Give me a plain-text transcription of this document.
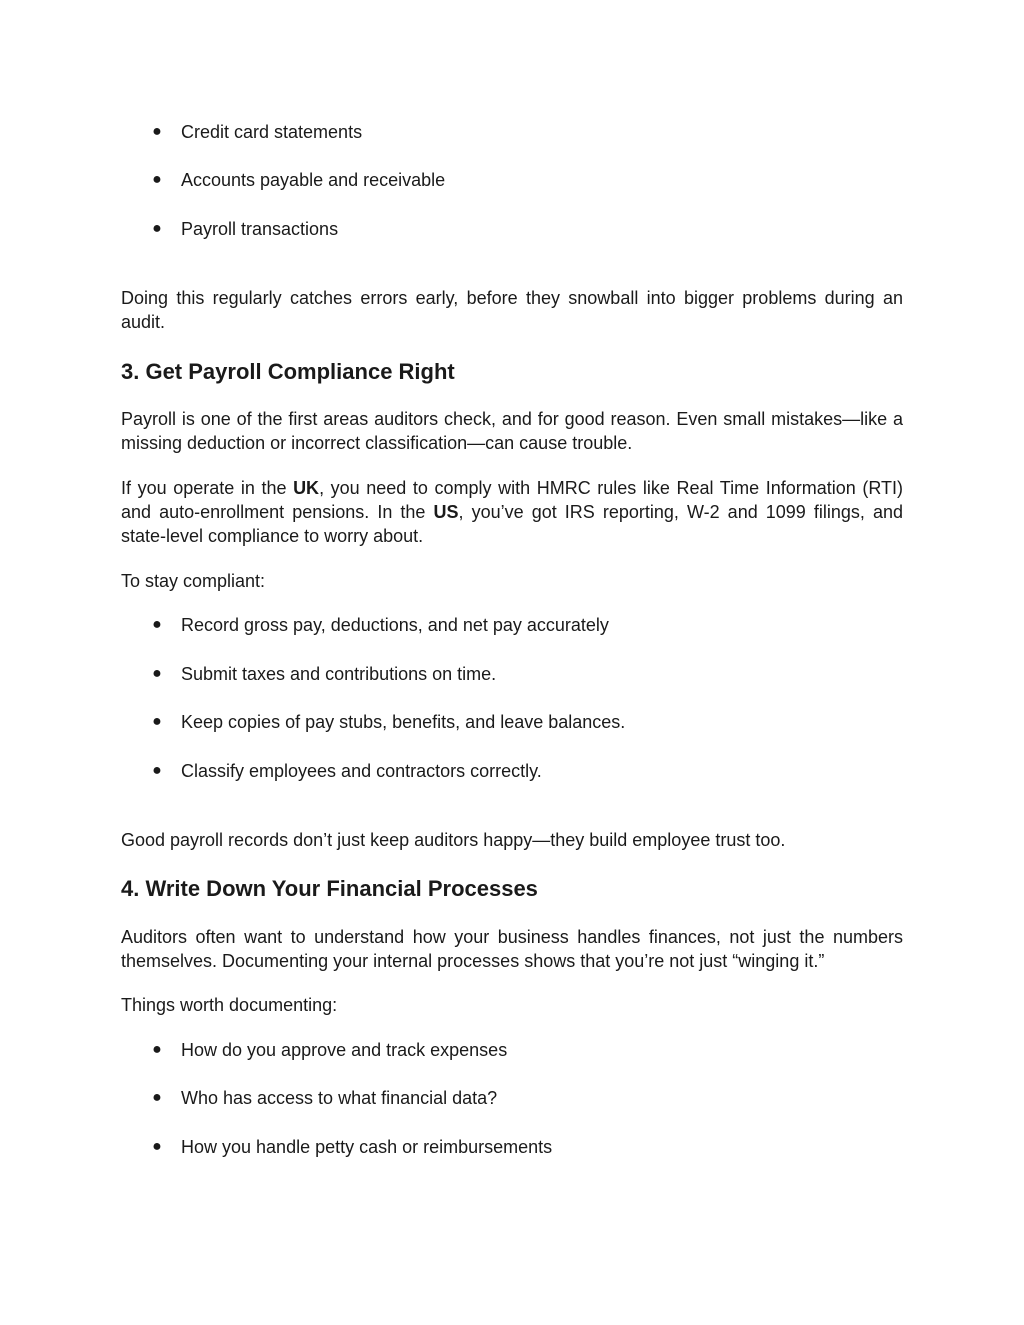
● Credit card statements
● Accounts payable and receivable
● Payroll transactions

Doing this regularly catches errors early, before they snowball into bigger problems during an audit.

3. Get Payroll Compliance Right

Payroll is one of the first areas auditors check, and for good reason. Even small mistakes—like a missing deduction or incorrect classification—can cause trouble.

If you operate in the UK, you need to comply with HMRC rules like Real Time Information (RTI) and auto-enrollment pensions. In the US, you’ve got IRS reporting, W-2 and 1099 filings, and state-level compliance to worry about.

To stay compliant:

● Record gross pay, deductions, and net pay accurately
● Submit taxes and contributions on time.
● Keep copies of pay stubs, benefits, and leave balances.
● Classify employees and contractors correctly.

Good payroll records don’t just keep auditors happy—they build employee trust too.

4. Write Down Your Financial Processes

Auditors often want to understand how your business handles finances, not just the numbers themselves. Documenting your internal processes shows that you’re not just “winging it.”

Things worth documenting:

● How do you approve and track expenses
● Who has access to what financial data?
● How you handle petty cash or reimbursements
